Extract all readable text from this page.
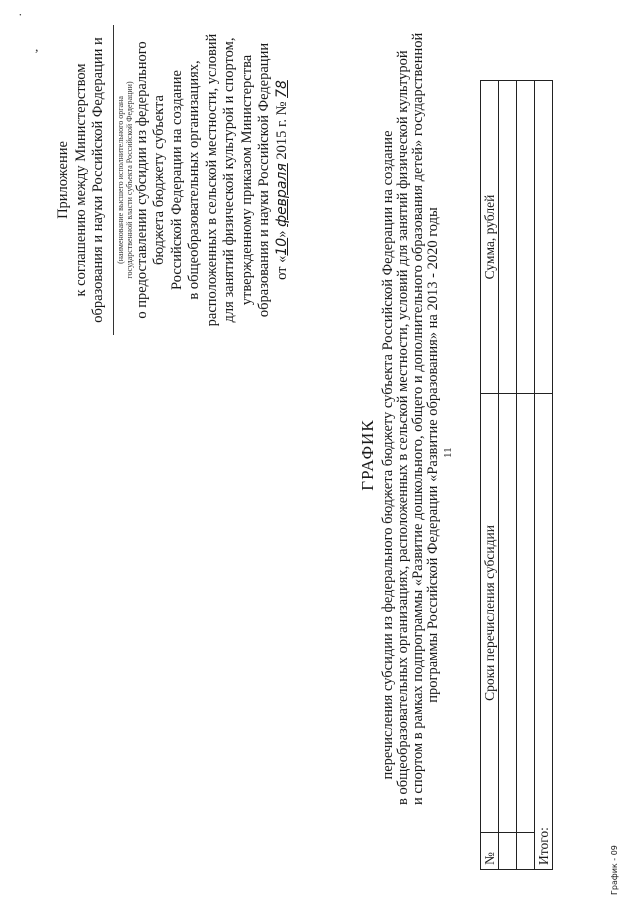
˙
,
11
Приложение к соглашению между Министерством образования и науки Российской Федерации и (наименование высшего исполнительного органа государственной власти субъекта Российской Федерации) о предоставлении субсидии из федерального бюджета бюджету субъекта Российской Федерации на создание в общеобразовательных организациях, расположенных в сельской местности, условий для занятий физической культурой и спортом, утвержденному приказом Министерства образования и науки Российской Федерации от «10» февраля 2015 г. № 78
ГРАФИК перечисления субсидии из федерального бюджета бюджету субъекта Российской Федерации на создание в общеобразовательных организациях, расположенных в сельской местности, условий для занятий физической культурой и спортом в рамках подпрограммы «Развитие дошкольного, общего и дополнительного образования детей» государственной программы Российской Федерации «Развитие образования» на 2013 - 2020 годы
№	Сроки перечисления субсидии	Сумма, рублей

Итого:			График - 09
